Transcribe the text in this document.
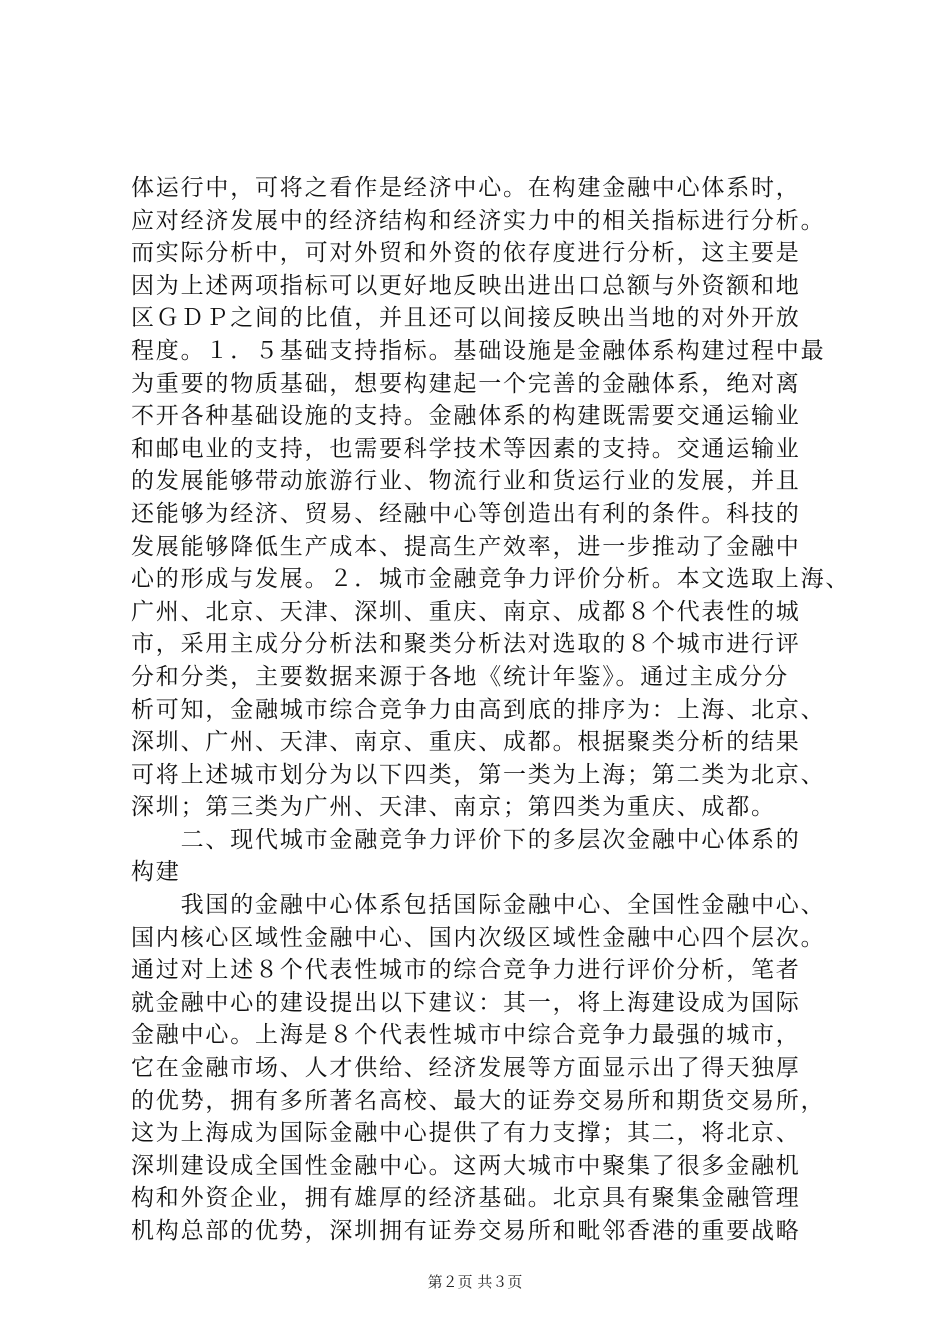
体运行中，可将之看作是经济中心。在构建金融中心体系时，
应对经济发展中的经济结构和经济实力中的相关指标进行分析。
而实际分析中，可对外贸和外资的依存度进行分析，这主要是
因为上述两项指标可以更好地反映出进出口总额与外资额和地
区ＧＤＰ之间的比值，并且还可以间接反映出当地的对外开放
程度。１．５基础支持指标。基础设施是金融体系构建过程中最
为重要的物质基础，想要构建起一个完善的金融体系，绝对离
不开各种基础设施的支持。金融体系的构建既需要交通运输业
和邮电业的支持，也需要科学技术等因素的支持。交通运输业
的发展能够带动旅游行业、物流行业和货运行业的发展，并且
还能够为经济、贸易、经融中心等创造出有利的条件。科技的
发展能够降低生产成本、提高生产效率，进一步推动了金融中
心的形成与发展。２．城市金融竞争力评价分析。本文选取上海、
广州、北京、天津、深圳、重庆、南京、成都８个代表性的城
市，采用主成分分析法和聚类分析法对选取的８个城市进行评
分和分类，主要数据来源于各地《统计年鉴》。通过主成分分
析可知，金融城市综合竞争力由高到底的排序为：上海、北京、
深圳、广州、天津、南京、重庆、成都。根据聚类分析的结果
可将上述城市划分为以下四类，第一类为上海；第二类为北京、
深圳；第三类为广州、天津、南京；第四类为重庆、成都。
　　二、现代城市金融竞争力评价下的多层次金融中心体系的
构建
　　我国的金融中心体系包括国际金融中心、全国性金融中心、
国内核心区域性金融中心、国内次级区域性金融中心四个层次。
通过对上述８个代表性城市的综合竞争力进行评价分析，笔者
就金融中心的建设提出以下建议：其一，将上海建设成为国际
金融中心。上海是８个代表性城市中综合竞争力最强的城市，
它在金融市场、人才供给、经济发展等方面显示出了得天独厚
的优势，拥有多所著名高校、最大的证券交易所和期货交易所，
这为上海成为国际金融中心提供了有力支撑；其二，将北京、
深圳建设成全国性金融中心。这两大城市中聚集了很多金融机
构和外资企业，拥有雄厚的经济基础。北京具有聚集金融管理
机构总部的优势，深圳拥有证券交易所和毗邻香港的重要战略
第２页 共３页
